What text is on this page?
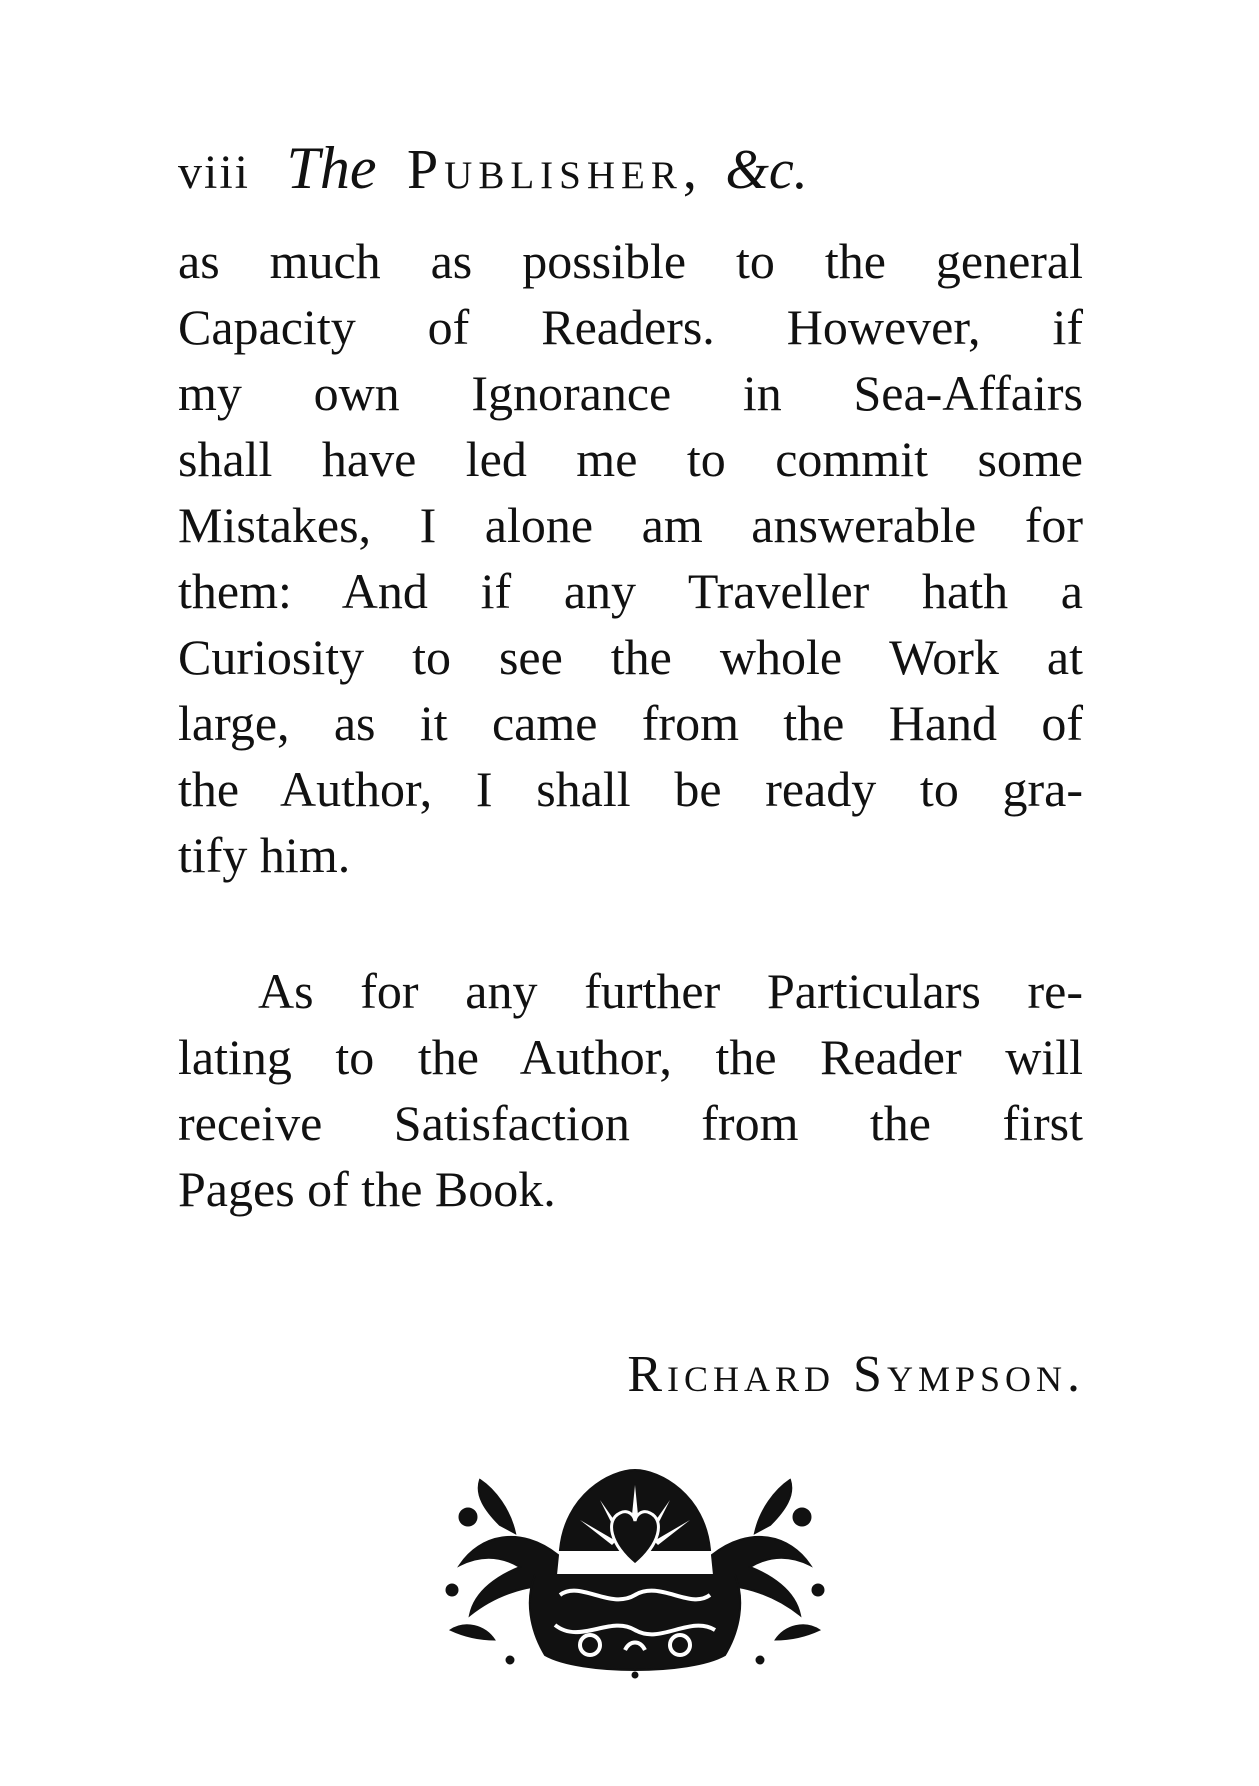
viii The Publisher, &c.
as much as possible to the general
Capacity of Readers. However, if
my own Ignorance in Sea-Affairs
shall have led me to commit some
Mistakes, I alone am answerable for
them: And if any Traveller hath a
Curiosity to see the whole Work at
large, as it came from the Hand of
the Author, I shall be ready to gra-
tify him.
As for any further Particulars re-
lating to the Author, the Reader will
receive Satisfaction from the first
Pages of the Book.
Richard Sympson.
